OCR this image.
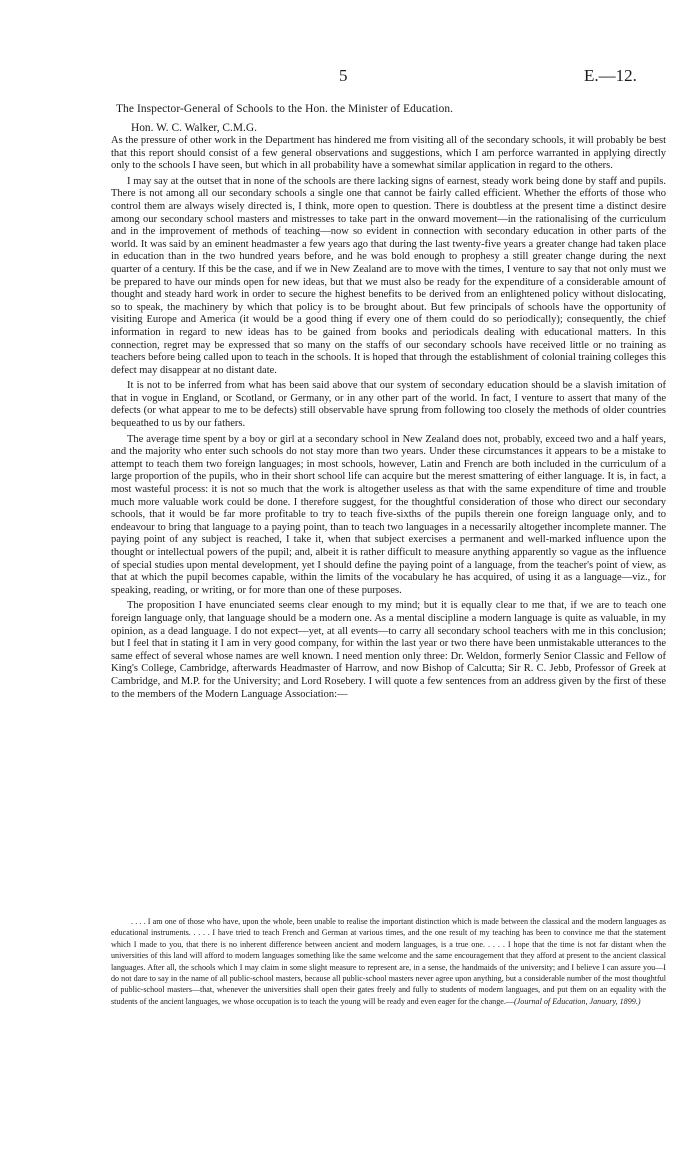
5	E.—12.
The Inspector-General of Schools to the Hon. the Minister of Education.
Hon. W. C. Walker, C.M.G.

As the pressure of other work in the Department has hindered me from visiting all of the secondary schools, it will probably be best that this report should consist of a few general observations and suggestions, which I am perforce warranted in applying directly only to the schools I have seen, but which in all probability have a somewhat similar application in regard to the others.

I may say at the outset that in none of the schools are there lacking signs of earnest, steady work being done by staff and pupils. There is not among all our secondary schools a single one that cannot be fairly called efficient. Whether the efforts of those who control them are always wisely directed is, I think, more open to question. There is doubtless at the present time a distinct desire among our secondary school masters and mistresses to take part in the onward movement—in the rationalising of the curriculum and in the improvement of methods of teaching—now so evident in connection with secondary education in other parts of the world. It was said by an eminent headmaster a few years ago that during the last twenty-five years a greater change had taken place in education than in the two hundred years before, and he was bold enough to prophesy a still greater change during the next quarter of a century. If this be the case, and if we in New Zealand are to move with the times, I venture to say that not only must we be prepared to have our minds open for new ideas, but that we must also be ready for the expenditure of a considerable amount of thought and steady hard work in order to secure the highest benefits to be derived from an enlightened policy without dislocating, so to speak, the machinery by which that policy is to be brought about. But few principals of schools have the opportunity of visiting Europe and America (it would be a good thing if every one of them could do so periodically); consequently, the chief information in regard to new ideas has to be gained from books and periodicals dealing with educational matters. In this connection, regret may be expressed that so many on the staffs of our secondary schools have received little or no training as teachers before being called upon to teach in the schools. It is hoped that through the establishment of colonial training colleges this defect may disappear at no distant date.

It is not to be inferred from what has been said above that our system of secondary education should be a slavish imitation of that in vogue in England, or Scotland, or Germany, or in any other part of the world. In fact, I venture to assert that many of the defects (or what appear to me to be defects) still observable have sprung from following too closely the methods of older countries bequeathed to us by our fathers.

The average time spent by a boy or girl at a secondary school in New Zealand does not, probably, exceed two and a half years, and the majority who enter such schools do not stay more than two years. Under these circumstances it appears to be a mistake to attempt to teach them two foreign languages; in most schools, however, Latin and French are both included in the curriculum of a large proportion of the pupils, who in their short school life can acquire but the merest smattering of either language. It is, in fact, a most wasteful process: it is not so much that the work is altogether useless as that with the same expenditure of time and trouble much more valuable work could be done. I therefore suggest, for the thoughtful consideration of those who direct our secondary schools, that it would be far more profitable to try to teach five-sixths of the pupils therein one foreign language only, and to endeavour to bring that language to a paying point, than to teach two languages in a necessarily altogether incomplete manner. The paying point of any subject is reached, I take it, when that subject exercises a permanent and well-marked influence upon the thought or intellectual powers of the pupil; and, albeit it is rather difficult to measure anything apparently so vague as the influence of special studies upon mental development, yet I should define the paying point of a language, from the teacher's point of view, as that at which the pupil becomes capable, within the limits of the vocabulary he has acquired, of using it as a language—viz., for speaking, reading, or writing, or for more than one of these purposes.

The proposition I have enunciated seems clear enough to my mind; but it is equally clear to me that, if we are to teach one foreign language only, that language should be a modern one. As a mental discipline a modern language is quite as valuable, in my opinion, as a dead language. I do not expect—yet, at all events—to carry all secondary school teachers with me in this conclusion; but I feel that in stating it I am in very good company, for within the last year or two there have been unmistakable utterances to the same effect of several whose names are well known. I need mention only three: Dr. Weldon, formerly Senior Classic and Fellow of King's College, Cambridge, afterwards Headmaster of Harrow, and now Bishop of Calcutta; Sir R. C. Jebb, Professor of Greek at Cambridge, and M.P. for the University; and Lord Rosebery. I will quote a few sentences from an address given by the first of these to the members of the Modern Language Association:—

. . . . I am one of those who have, upon the whole, been unable to realise the important distinction which is made between the classical and the modern languages as educational instruments. . . . . I have tried to teach French and German at various times, and the one result of my teaching has been to convince me that the statement which I made to you, that there is no inherent difference between ancient and modern languages, is a true one. . . . . I hope that the time is not far distant when the universities of this land will afford to modern languages something like the same welcome and the same encouragement that they afford at present to the ancient classical languages. After all, the schools which I may claim in some slight measure to represent are, in a sense, the handmaids of the university; and I believe I can assure you—I do not dare to say in the name of all public-school masters, because all public-school masters never agree upon anything, but a considerable number of the most thoughtful of public-school masters—that, whenever the universities shall open their gates freely and fully to students of modern languages, and put them on an equality with the students of the ancient languages, we whose occupation is to teach the young will be ready and even eager for the change.—(Journal of Education, January, 1899.)
